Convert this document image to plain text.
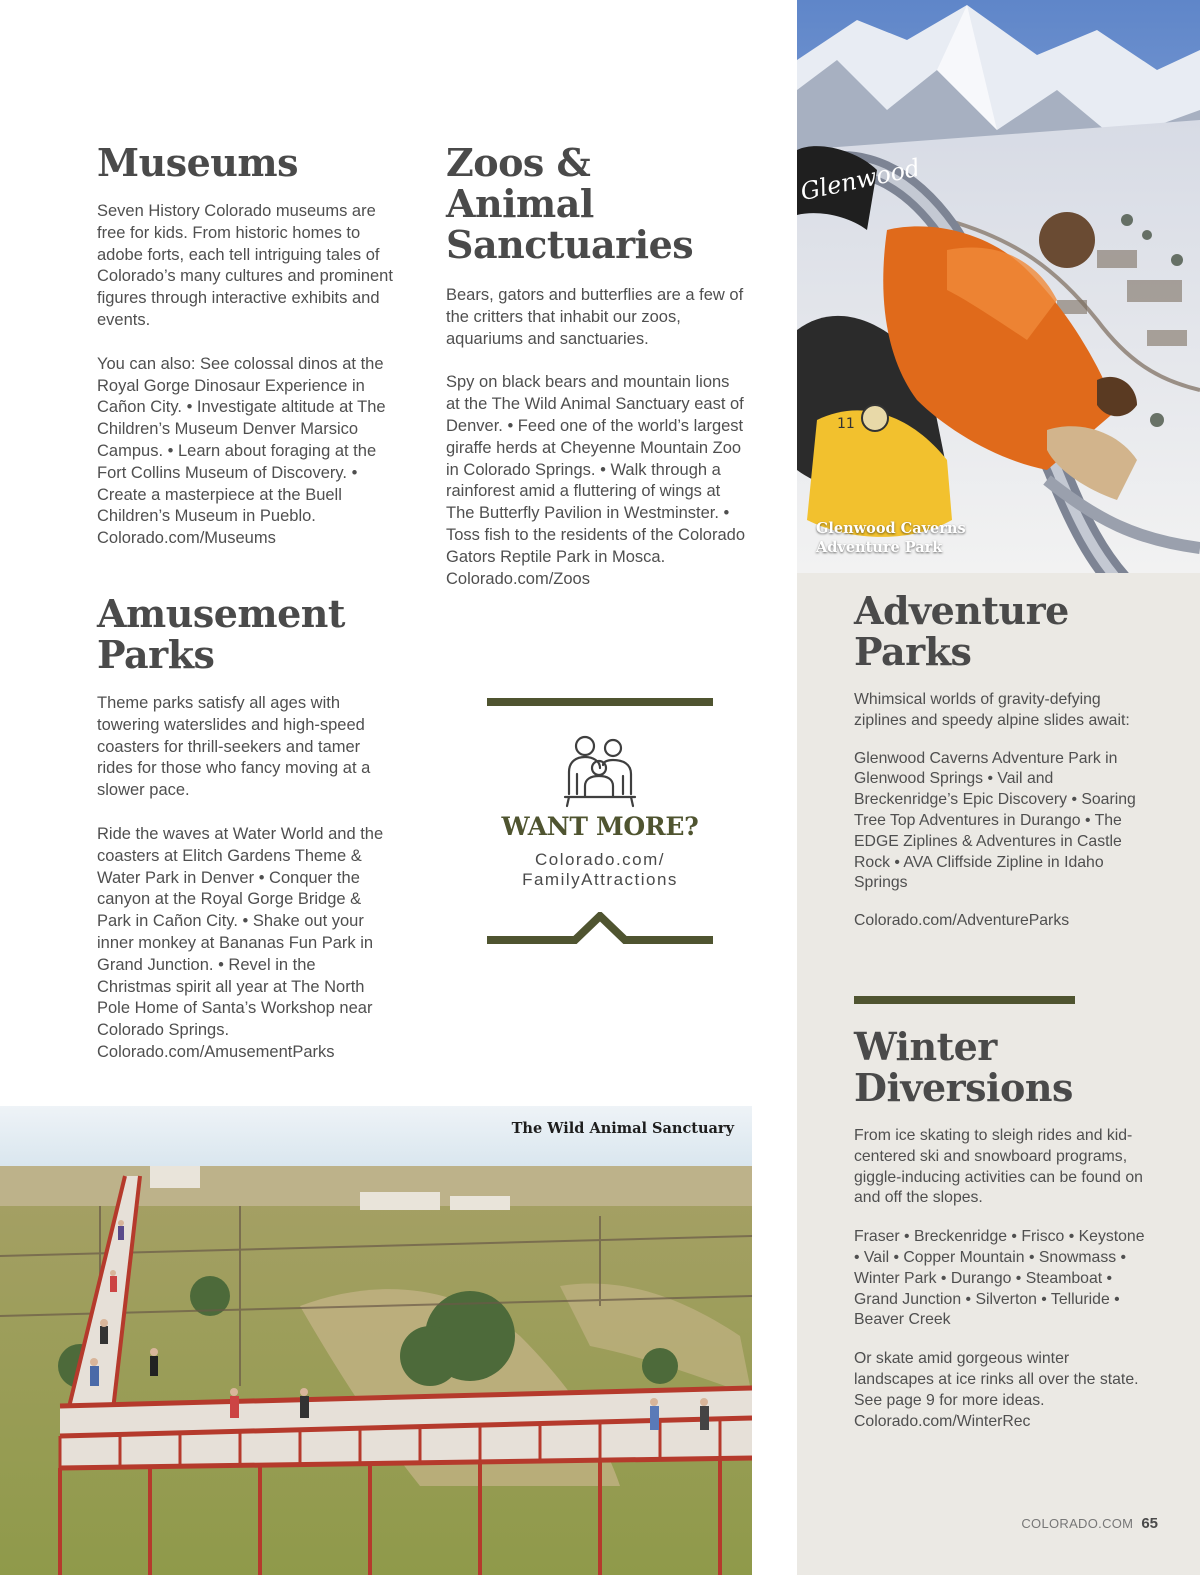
Glenwood
11
Glenwood Caverns
Adventure Park
Museums

Seven History Colorado museums are free for kids. From historic homes to adobe forts, each tell intriguing tales of Colorado’s many cultures and prominent figures through interactive exhibits and events.

You can also: See colossal dinos at the Royal Gorge Dinosaur Experience in Cañon City. • Investigate altitude at The Children’s Museum Denver Marsico Campus. • Learn about foraging at the Fort Collins Museum of Discovery. • Create a masterpiece at the Buell Children’s Museum in Pueblo. Colorado.com/Museums

Zoos &
Animal
Sanctuaries

Bears, gators and butterflies are a few of the critters that inhabit our zoos, aquariums and sanctuaries.

Spy on black bears and mountain lions at the The Wild Animal Sanctuary east of Denver. • Feed one of the world’s largest giraffe herds at Cheyenne Mountain Zoo in Colorado Springs. • Walk through a rainforest amid a fluttering of wings at The Butterfly Pavilion in Westminster. • Toss fish to the residents of the Colorado Gators Reptile Park in Mosca. Colorado.com/Zoos

Amusement
Parks

Theme parks satisfy all ages with towering waterslides and high-speed coasters for thrill-seekers and tamer rides for those who fancy moving at a slower pace.

Ride the waves at Water World and the coasters at Elitch Gardens Theme & Water Park in Denver • Conquer the canyon at the Royal Gorge Bridge & Park in Cañon City. • Shake out your inner monkey at Bananas Fun Park in Grand Junction. • Revel in the Christmas spirit all year at The North Pole Home of Santa’s Workshop near Colorado Springs. Colorado.com/AmusementParks

WANT MORE?
Colorado.com/
FamilyAttractions
Adventure
Parks

Whimsical worlds of gravity-defying ziplines and speedy alpine slides await:

Glenwood Caverns Adventure Park in Glenwood Springs • Vail and Breckenridge’s Epic Discovery • Soaring Tree Top Adventures in Durango • The EDGE Ziplines & Adventures in Castle Rock • AVA Cliffside Zipline in Idaho Springs

Colorado.com/AdventureParks

Winter
Diversions

From ice skating to sleigh rides and kid-centered ski and snowboard programs, giggle-inducing activities can be found on and off the slopes.

Fraser • Breckenridge • Frisco • Keystone • Vail • Copper Mountain • Snowmass • Winter Park • Durango • Steamboat • Grand Junction • Silverton • Telluride • Beaver Creek

Or skate amid gorgeous winter landscapes at ice rinks all over the state. See page 9 for more ideas. Colorado.com/WinterRec

The Wild Animal Sanctuary
COLORADO.COM 65
